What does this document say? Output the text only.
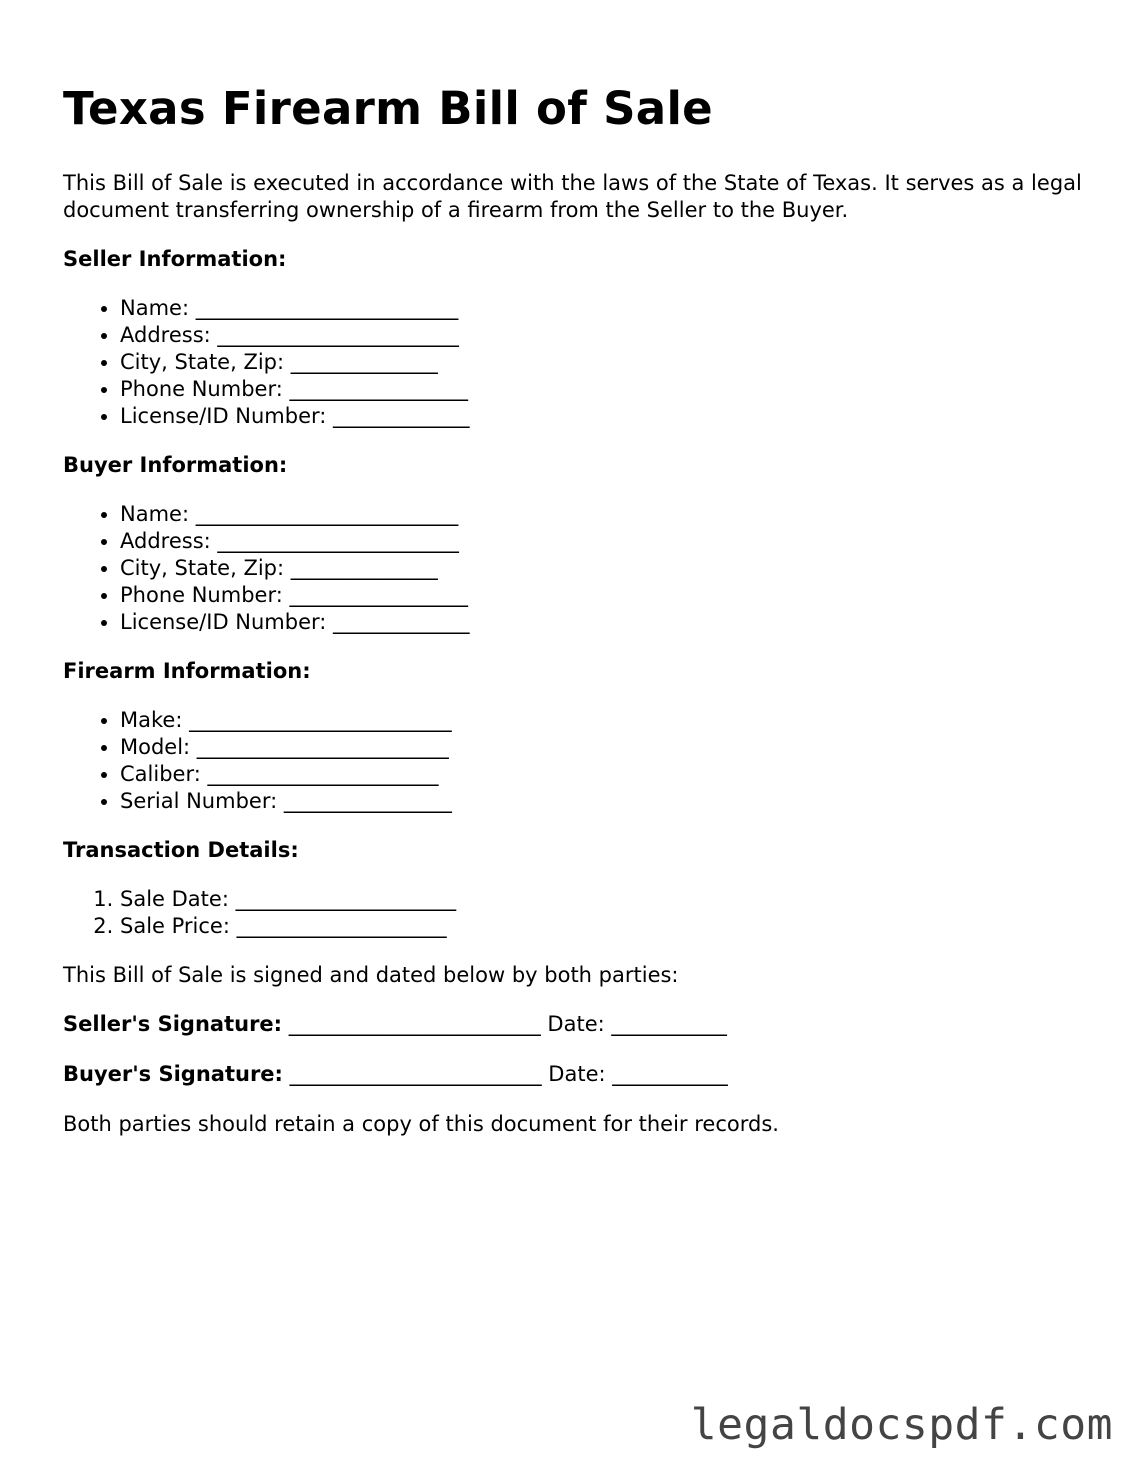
Texas Firearm Bill of Sale

This Bill of Sale is executed in accordance with the laws of the State of Texas. It serves as a legal document transferring ownership of a firearm from the Seller to the Buyer.

Seller Information:
• Name: _________________________
• Address: _______________________
• City, State, Zip: ______________
• Phone Number: _________________
• License/ID Number: _____________
Buyer Information:
• Name: _________________________
• Address: _______________________
• City, State, Zip: ______________
• Phone Number: _________________
• License/ID Number: _____________
Firearm Information:
• Make: _________________________
• Model: ________________________
• Caliber: ______________________
• Serial Number: ________________
Transaction Details:
1. Sale Date: _____________________
2. Sale Price: ____________________

This Bill of Sale is signed and dated below by both parties:

Seller's Signature: ________________________ Date: ___________
Buyer's Signature: ________________________ Date: ___________

Both parties should retain a copy of this document for their records.

legaldocspdf.com
